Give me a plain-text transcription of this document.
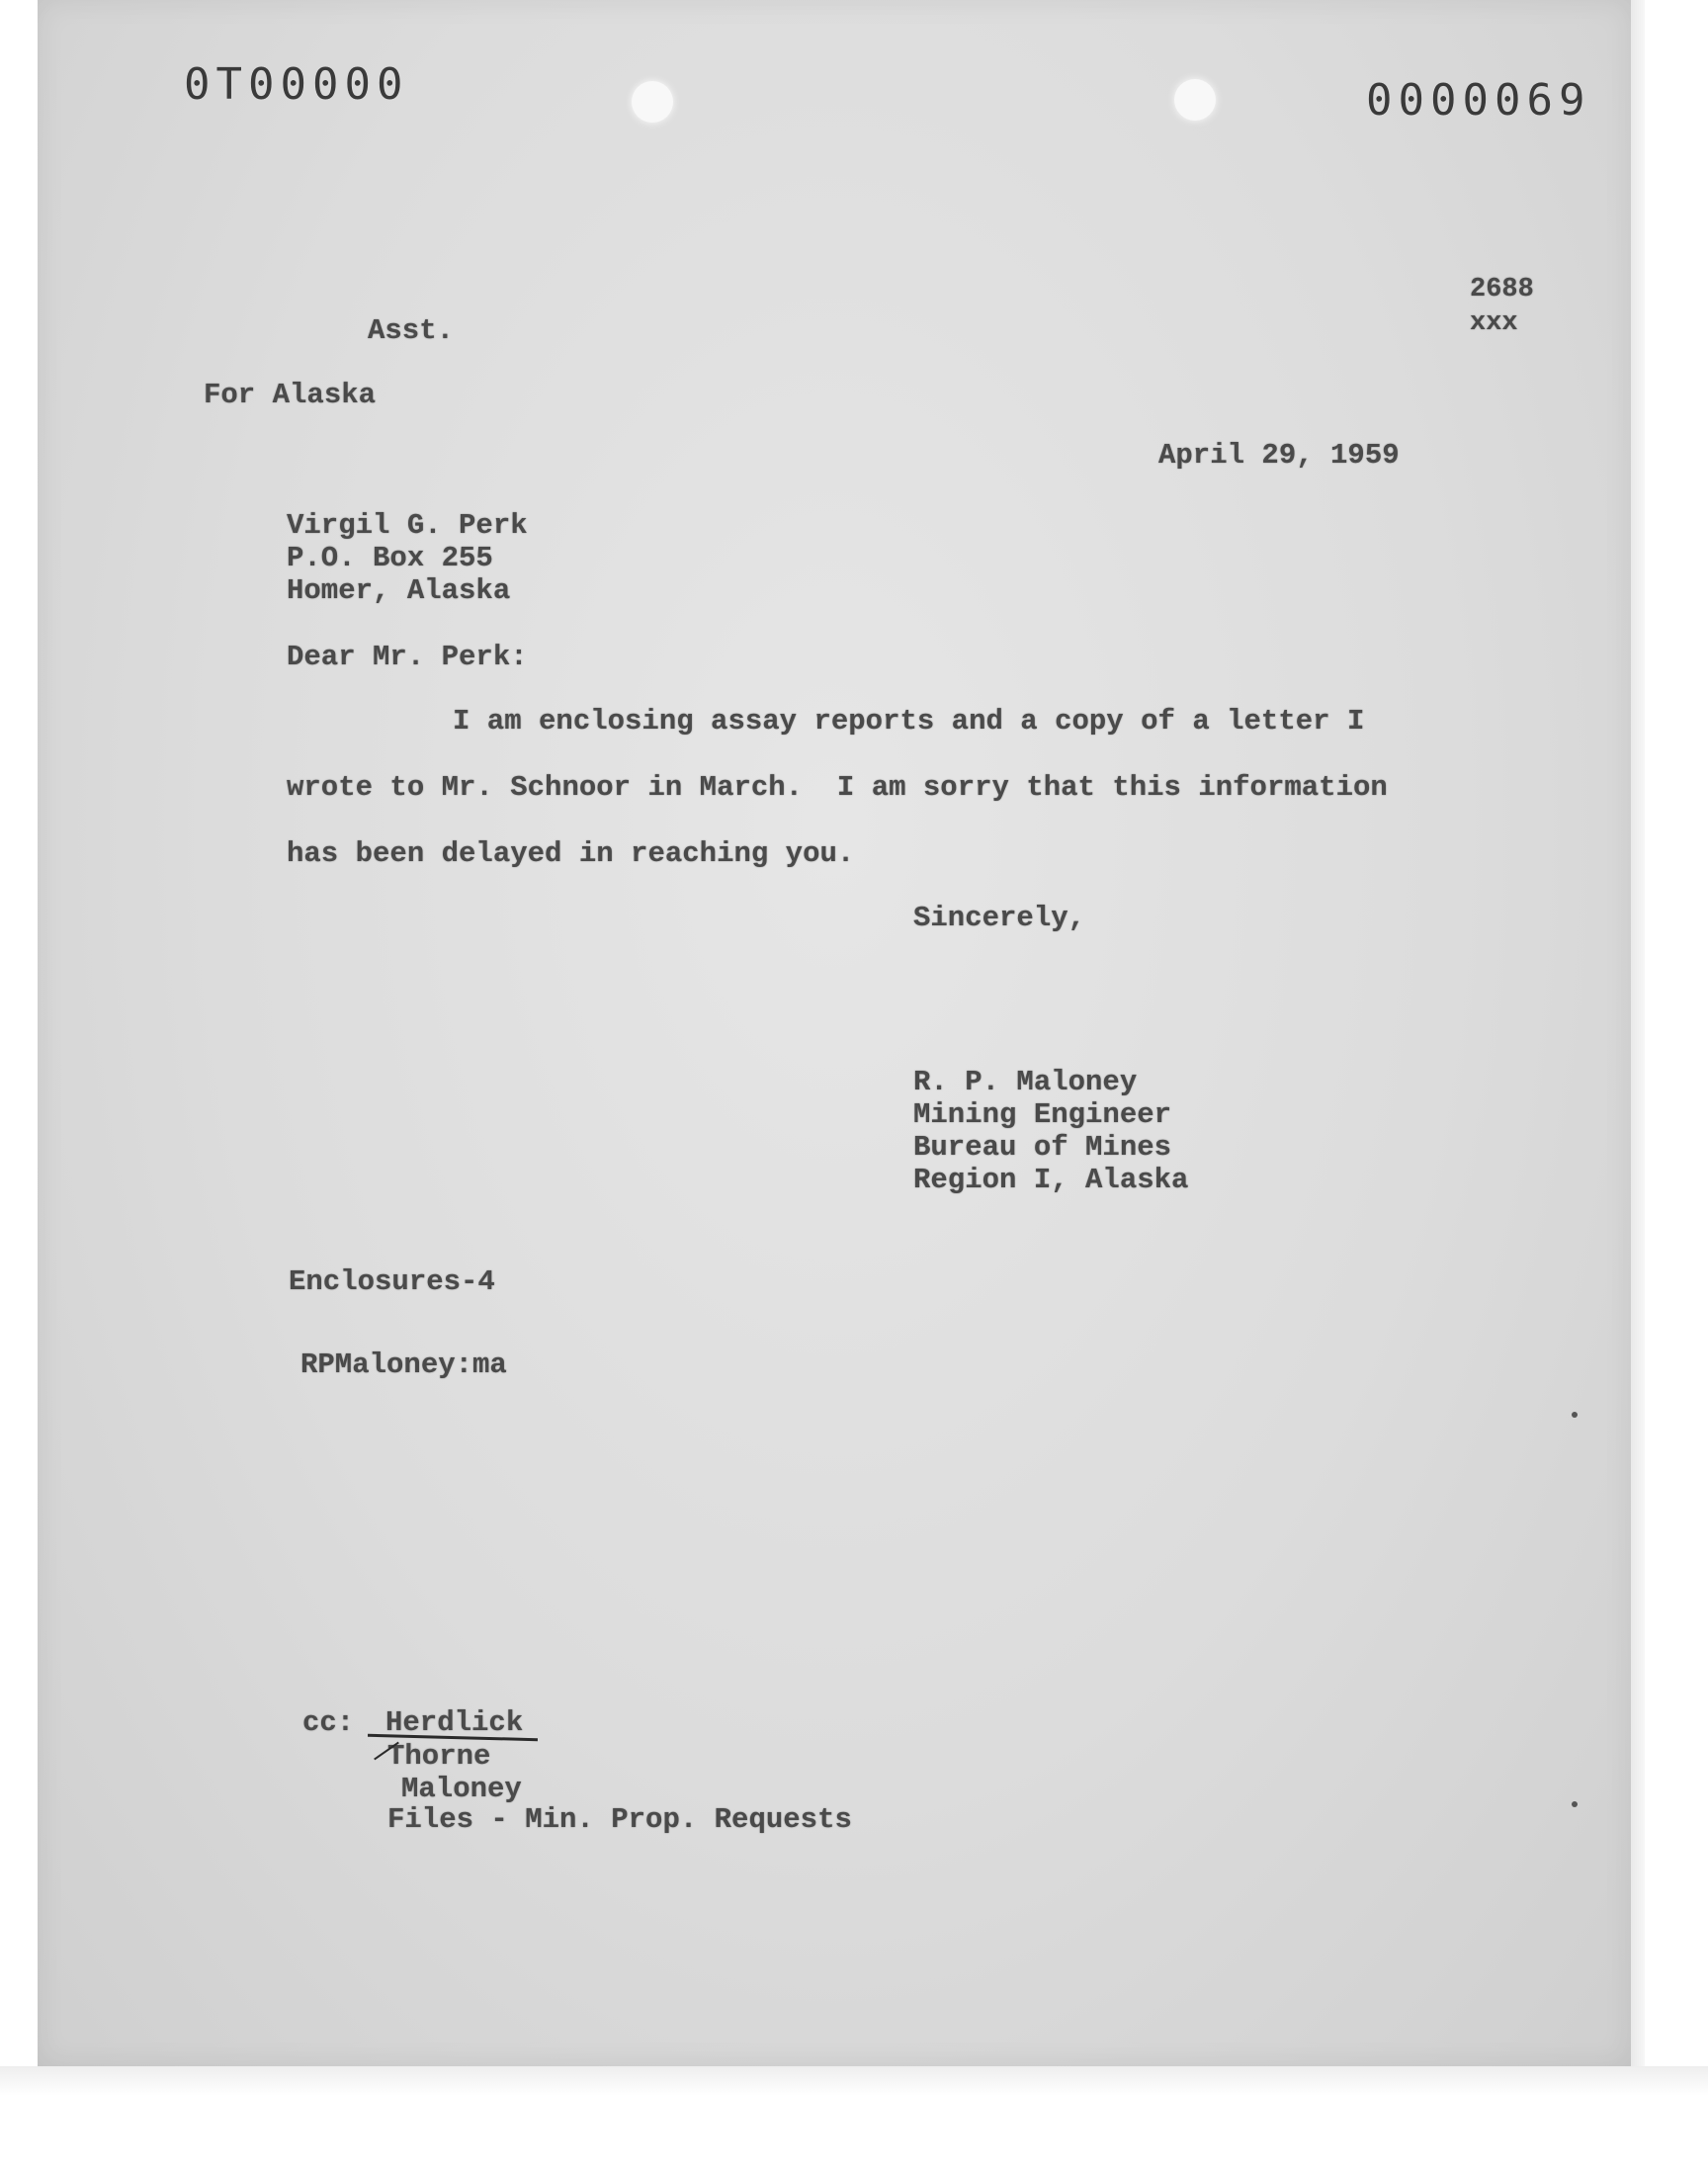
0T00000	0000069
2688
xxx
Asst.
For Alaska
April 29, 1959
Virgil G. Perk
P.O. Box 255
Homer, Alaska
Dear Mr. Perk:
I am enclosing assay reports and a copy of a letter I
wrote to Mr. Schnoor in March.  I am sorry that this information
has been delayed in reaching you.
Sincerely,
R. P. Maloney
Mining Engineer
Bureau of Mines
Region I, Alaska
Enclosures-4
RPMaloney:ma
cc: Herdlick
Thorne
Maloney
Files - Min. Prop. Requests
